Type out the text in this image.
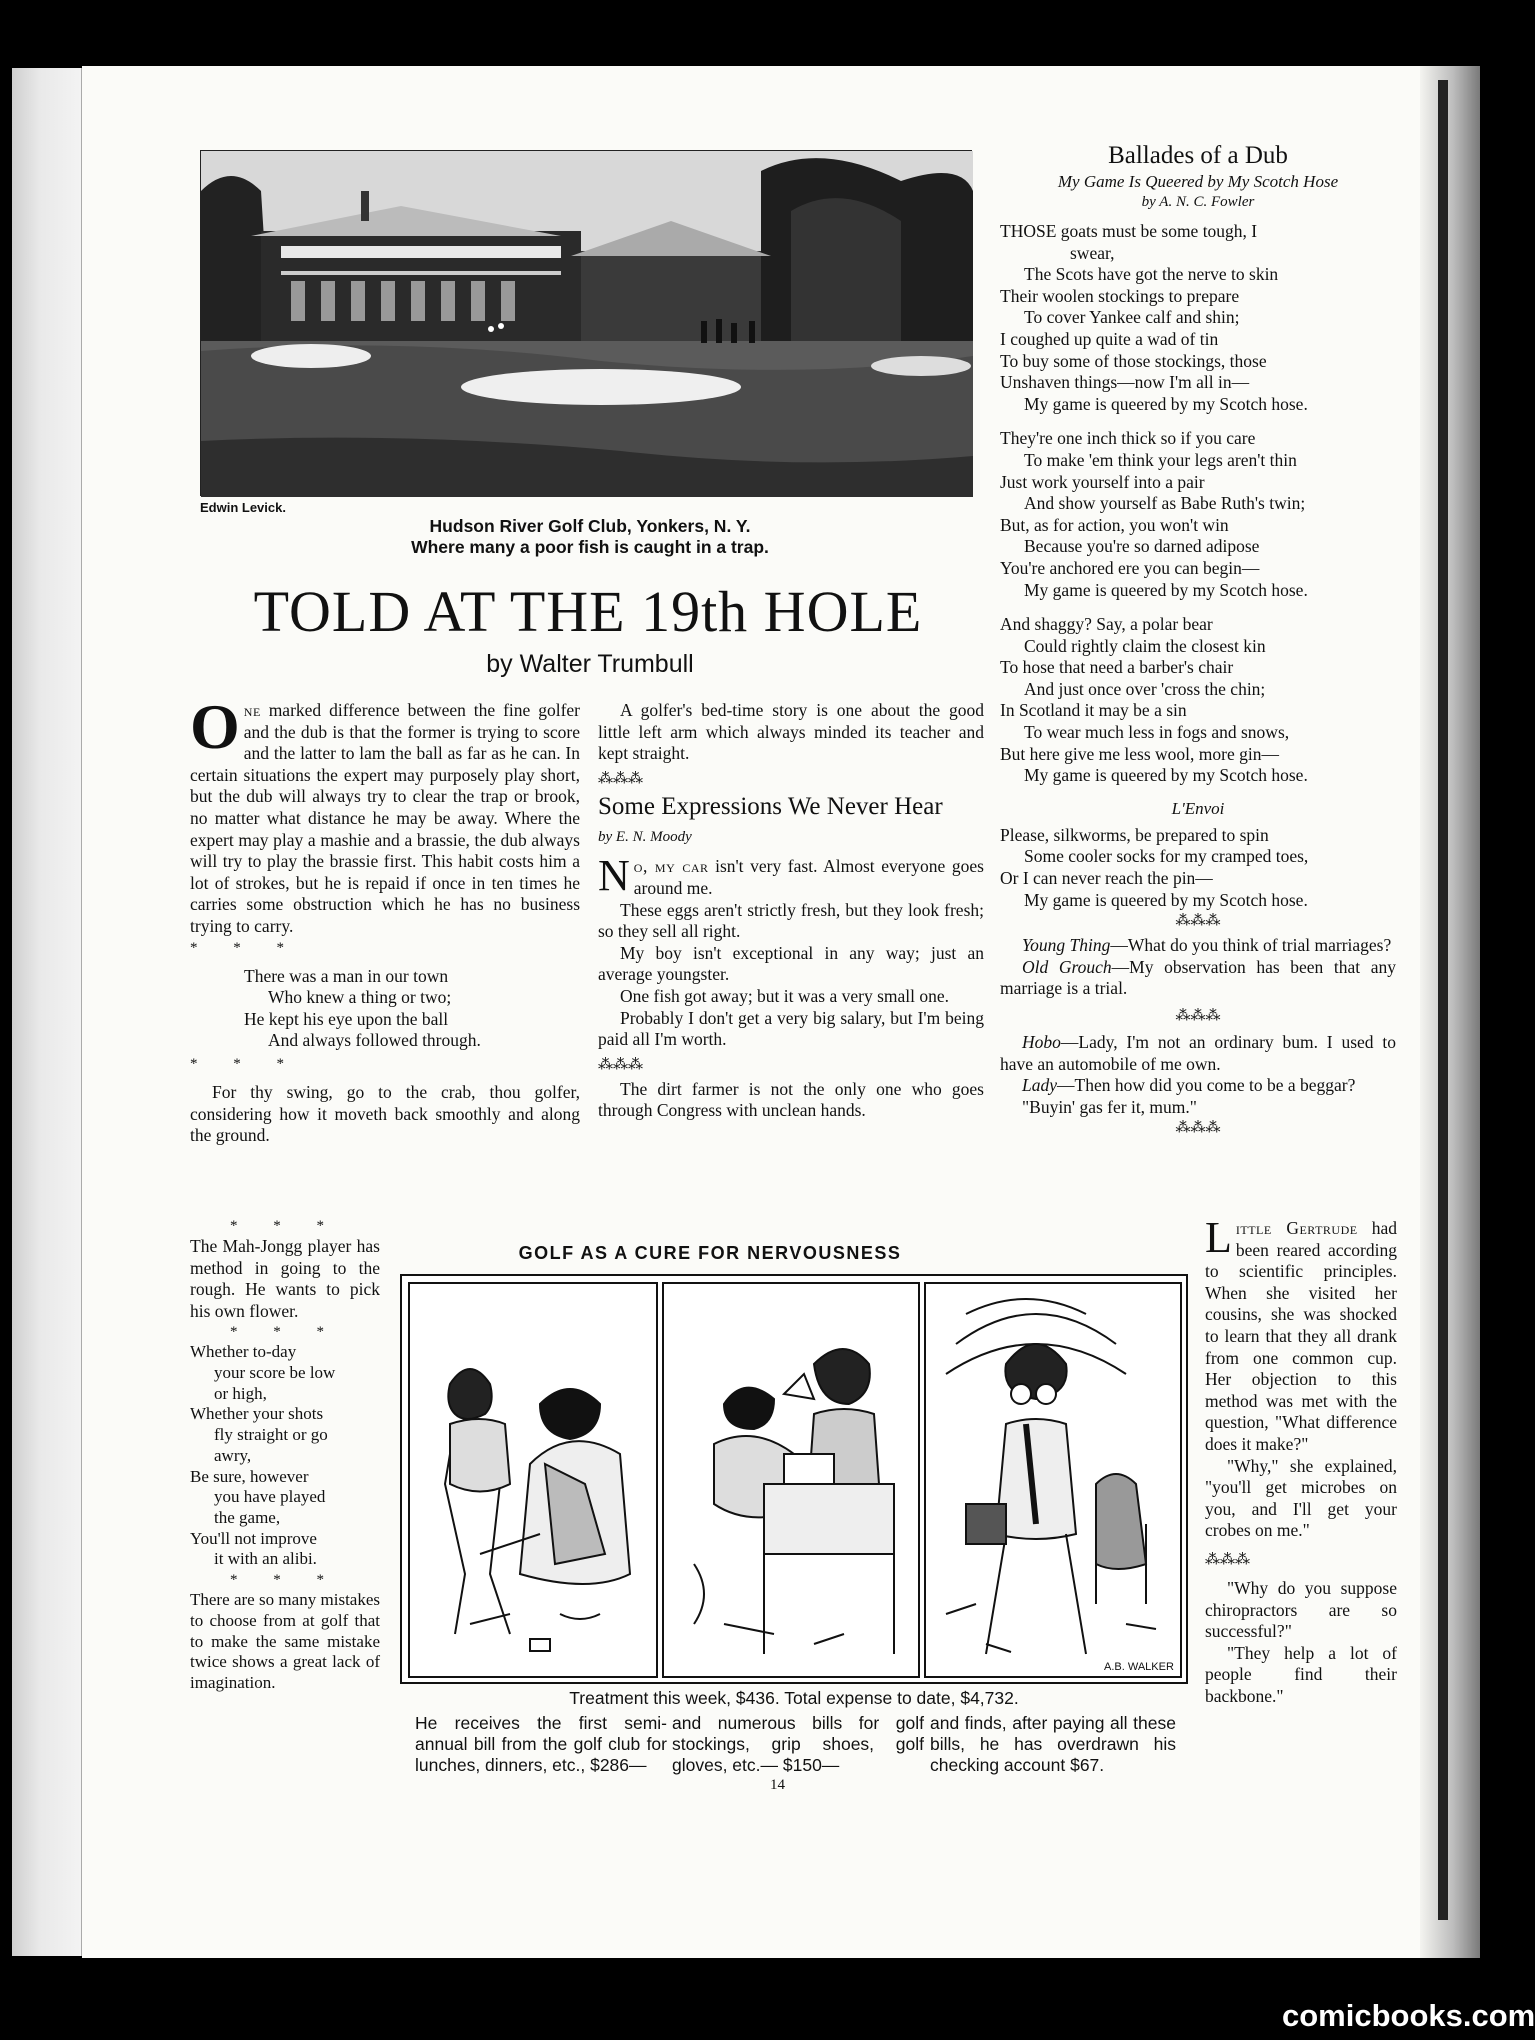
Edwin Levick.
Hudson River Golf Club, Yonkers, N. Y.
Where many a poor fish is caught in a trap.
TOLD AT THE 19th HOLE
by Walter Trumbull
One marked difference between the fine golfer and the dub is that the former is trying to score and the latter to lam the ball as far as he can. In certain situations the expert may purposely play short, but the dub will always try to clear the trap or brook, no matter what distance he may be away. Where the expert may play a mashie and a brassie, the dub always will try to play the brassie first. This habit costs him a lot of strokes, but he is repaid if once in ten times he carries some obstruction which he has no business trying to carry.
* * *
There was a man in our town
Who knew a thing or two;
He kept his eye upon the ball
And always followed through.
* * *
For thy swing, go to the crab, thou golfer, considering how it moveth back smoothly and along the ground.
A golfer's bed-time story is one about the good little left arm which always minded its teacher and kept straight.
⁂⁂⁂
Some Expressions We Never Hear
by E. N. Moody
No, my car isn't very fast. Almost everyone goes around me.
These eggs aren't strictly fresh, but they look fresh; so they sell all right.
My boy isn't exceptional in any way; just an average youngster.
One fish got away; but it was a very small one.
Probably I don't get a very big salary, but I'm being paid all I'm worth.
⁂⁂⁂
The dirt farmer is not the only one who goes through Congress with unclean hands.
Ballades of a Dub
My Game Is Queered by My Scotch Hose
by A. N. C. Fowler
THOSE goats must be some tough, I
swear,
The Scots have got the nerve to skin
Their woolen stockings to prepare
To cover Yankee calf and shin;
I coughed up quite a wad of tin
To buy some of those stockings, those
Unshaven things—now I'm all in—
My game is queered by my Scotch hose.
They're one inch thick so if you care
To make 'em think your legs aren't thin
Just work yourself into a pair
And show yourself as Babe Ruth's twin;
But, as for action, you won't win
Because you're so darned adipose
You're anchored ere you can begin—
My game is queered by my Scotch hose.
And shaggy? Say, a polar bear
Could rightly claim the closest kin
To hose that need a barber's chair
And just once over 'cross the chin;
In Scotland it may be a sin
To wear much less in fogs and snows,
But here give me less wool, more gin—
My game is queered by my Scotch hose.
L'Envoi
Please, silkworms, be prepared to spin
Some cooler socks for my cramped toes,
Or I can never reach the pin—
My game is queered by my Scotch hose.
⁂⁂⁂
Young Thing—What do you think of trial marriages?
Old Grouch—My observation has been that any marriage is a trial.
⁂⁂⁂
Hobo—Lady, I'm not an ordinary bum. I used to have an automobile of me own.
Lady—Then how did you come to be a beggar?
"Buyin' gas fer it, mum."
⁂⁂⁂
* * *
The Mah-Jongg player has method in going to the rough. He wants to pick his own flower.
* * *
Whether to-day
your score be low
or high,
Whether your shots
fly straight or go
awry,
Be sure, however
you have played
the game,
You'll not improve
it with an alibi.
* * *
There are so many mistakes to choose from at golf that to make the same mistake twice shows a great lack of imagination.
GOLF AS A CURE FOR NERVOUSNESS
A.B. WALKER
Treatment this week, $436. Total expense to date, $4,732.
He receives the first semi-annual bill from the golf club for lunches, dinners, etc., $286—
and numerous bills for golf stockings, grip shoes, golf gloves, etc.— $150—
and finds, after paying all these bills, he has overdrawn his checking account $67.
Little Gertrude had been reared according to scientific principles. When she visited her cousins, she was shocked to learn that they all drank from one common cup. Her objection to this method was met with the question, "What difference does it make?"
"Why," she explained, "you'll get microbes on you, and I'll get your crobes on me."
⁂⁂⁂
"Why do you suppose chiropractors are so successful?"
"They help a lot of people find their backbone."
14
comicbooks.com
